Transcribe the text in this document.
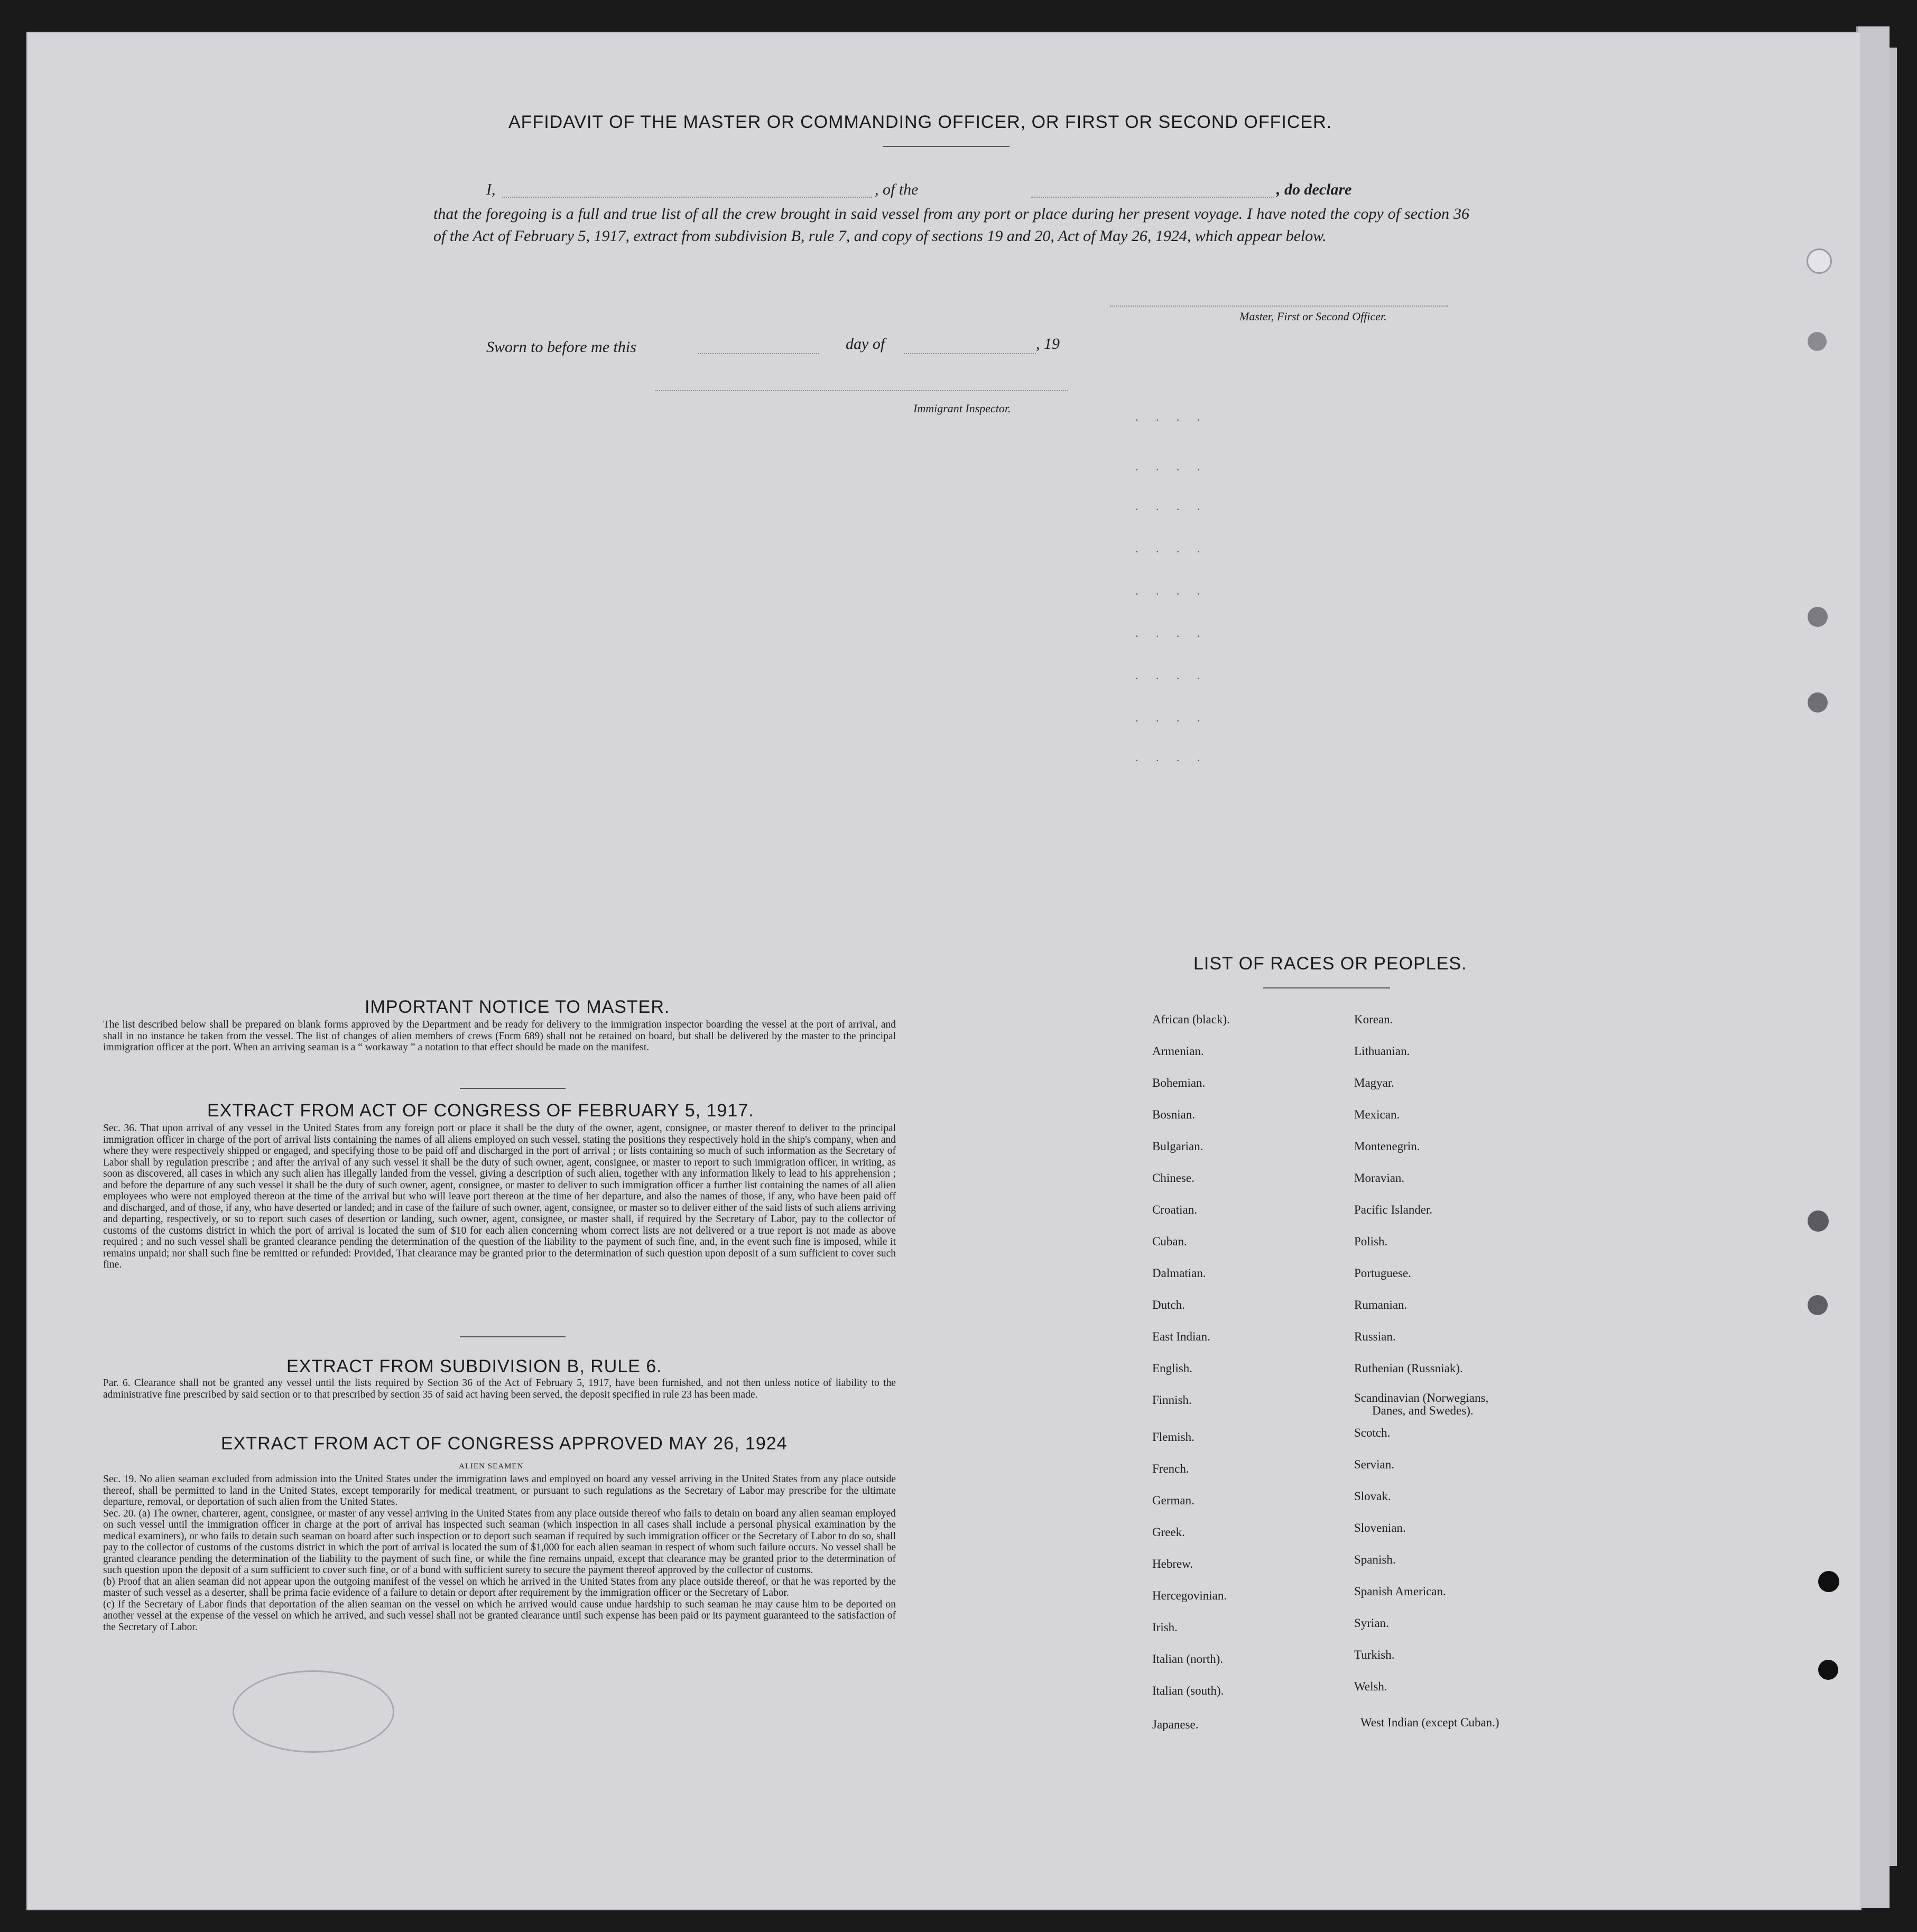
AFFIDAVIT OF THE MASTER OR COMMANDING OFFICER, OR FIRST OR SECOND OFFICER.
I,	, of the	, do declare
that the foregoing is a full and true list of all the crew brought in said vessel from any port or place during her present voyage. I have noted the copy of section 36 of the Act of February 5, 1917, extract from subdivision B, rule 7, and copy of sections 19 and 20, Act of May 26, 1924, which appear below.
Master, First or Second Officer.
Sworn to before me this	day of	, 19
Immigrant Inspector.
. . . .
. . . .
. . . .
. . . .
. . . .
. . . .
. . . .
. . . .
. . . .
IMPORTANT NOTICE TO MASTER.
The list described below shall be prepared on blank forms approved by the Department and be ready for delivery to the immigration inspector boarding the vessel at the port of arrival, and shall in no instance be taken from the vessel. The list of changes of alien members of crews (Form 689) shall not be retained on board, but shall be delivered by the master to the principal immigration officer at the port. When an arriving seaman is a “ workaway ” a notation to that effect should be made on the manifest.
EXTRACT FROM ACT OF CONGRESS OF FEBRUARY 5, 1917.
Sec. 36. That upon arrival of any vessel in the United States from any foreign port or place it shall be the duty of the owner, agent, consignee, or master thereof to deliver to the principal immigration officer in charge of the port of arrival lists containing the names of all aliens employed on such vessel, stating the positions they respectively hold in the ship's company, when and where they were respectively shipped or engaged, and specifying those to be paid off and discharged in the port of arrival ; or lists containing so much of such information as the Secretary of Labor shall by regulation prescribe ; and after the arrival of any such vessel it shall be the duty of such owner, agent, consignee, or master to report to such immigration officer, in writing, as soon as discovered, all cases in which any such alien has illegally landed from the vessel, giving a description of such alien, together with any information likely to lead to his apprehension ; and before the departure of any such vessel it shall be the duty of such owner, agent, consignee, or master to deliver to such immigration officer a further list containing the names of all alien employees who were not employed thereon at the time of the arrival but who will leave port thereon at the time of her departure, and also the names of those, if any, who have been paid off and discharged, and of those, if any, who have deserted or landed; and in case of the failure of such owner, agent, consignee, or master so to deliver either of the said lists of such aliens arriving and departing, respectively, or so to report such cases of desertion or landing, such owner, agent, consignee, or master shall, if required by the Secretary of Labor, pay to the collector of customs of the customs district in which the port of arrival is located the sum of $10 for each alien concerning whom correct lists are not delivered or a true report is not made as above required ; and no such vessel shall be granted clearance pending the determination of the question of the liability to the payment of such fine, and, in the event such fine is imposed, while it remains unpaid; nor shall such fine be remitted or refunded: Provided, That clearance may be granted prior to the determination of such question upon deposit of a sum sufficient to cover such fine.
EXTRACT FROM SUBDIVISION B, RULE 6.
Par. 6. Clearance shall not be granted any vessel until the lists required by Section 36 of the Act of February 5, 1917, have been furnished, and not then unless notice of liability to the administrative fine prescribed by said section or to that prescribed by section 35 of said act having been served, the deposit specified in rule 23 has been made.
EXTRACT FROM ACT OF CONGRESS APPROVED MAY 26, 1924
ALIEN SEAMEN
Sec. 19. No alien seaman excluded from admission into the United States under the immigration laws and employed on board any vessel arriving in the United States from any place outside thereof, shall be permitted to land in the United States, except temporarily for medical treatment, or pursuant to such regulations as the Secretary of Labor may prescribe for the ultimate departure, removal, or deportation of such alien from the United States.
Sec. 20. (a) The owner, charterer, agent, consignee, or master of any vessel arriving in the United States from any place outside thereof who fails to detain on board any alien seaman employed on such vessel until the immigration officer in charge at the port of arrival has inspected such seaman (which inspection in all cases shall include a personal physical examination by the medical examiners), or who fails to detain such seaman on board after such inspection or to deport such seaman if required by such immigration officer or the Secretary of Labor to do so, shall pay to the collector of customs of the customs district in which the port of arrival is located the sum of $1,000 for each alien seaman in respect of whom such failure occurs. No vessel shall be granted clearance pending the determination of the liability to the payment of such fine, or while the fine remains unpaid, except that clearance may be granted prior to the determination of such question upon the deposit of a sum sufficient to cover such fine, or of a bond with sufficient surety to secure the payment thereof approved by the collector of customs.
(b) Proof that an alien seaman did not appear upon the outgoing manifest of the vessel on which he arrived in the United States from any place outside thereof, or that he was reported by the master of such vessel as a deserter, shall be prima facie evidence of a failure to detain or deport after requirement by the immigration officer or the Secretary of Labor.
(c) If the Secretary of Labor finds that deportation of the alien seaman on the vessel on which he arrived would cause undue hardship to such seaman he may cause him to be deported on another vessel at the expense of the vessel on which he arrived, and such vessel shall not be granted clearance until such expense has been paid or its payment guaranteed to the satisfaction of the Secretary of Labor.
LIST OF RACES OR PEOPLES.
African (black).
Armenian.
Bohemian.
Bosnian.
Bulgarian.
Chinese.
Croatian.
Cuban.
Dalmatian.
Dutch.
East Indian.
English.
Finnish.
Flemish.
French.
German.
Greek.
Hebrew.
Hercegovinian.
Irish.
Italian (north).
Italian (south).
Japanese.
Korean.
Lithuanian.
Magyar.
Mexican.
Montenegrin.
Moravian.
Pacific Islander.
Polish.
Portuguese.
Rumanian.
Russian.
Ruthenian (Russniak).
Scandinavian (Norwegians,
Danes, and Swedes).
Scotch.
Servian.
Slovak.
Slovenian.
Spanish.
Spanish American.
Syrian.
Turkish.
Welsh.
West Indian (except Cuban.)
